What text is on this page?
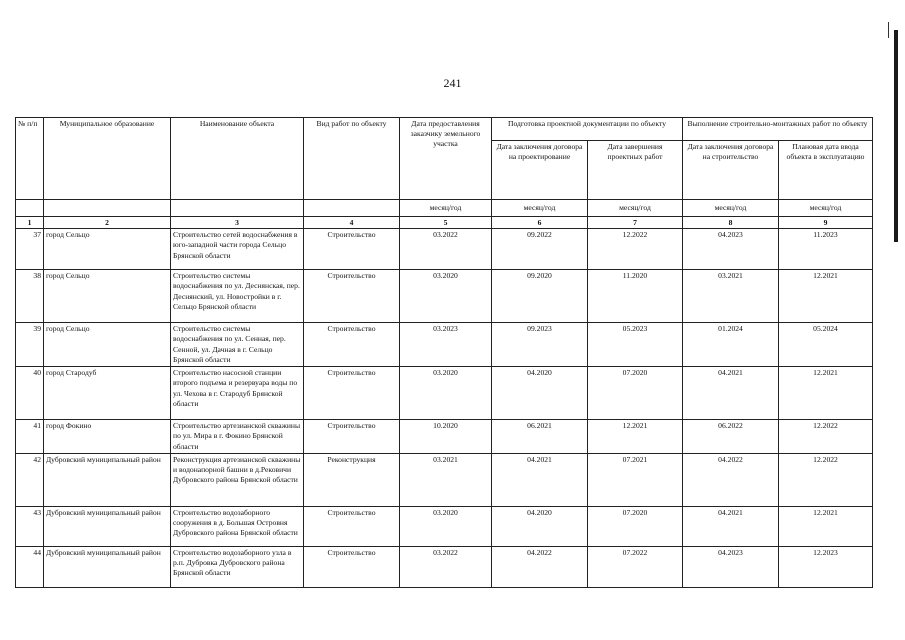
241
№ п/п	Муниципальное образование	Наименование объекта	Вид работ по объекту	Дата предоставления заказчику земельного участка	Подготовка проектной документации по объекту		Выполнение строительно-монтажных работ по объекту	
					Дата заключения договора на проектирование	Дата завершения проектных работ	Дата заключения договора на строительство	Плановая дата ввода объекта в эксплуатацию
				месяц/год	месяц/год	месяц/год	месяц/год	месяц/год
1	2	3	4	5	6	7	8	9
37	город Сельцо	Строительство сетей водоснабжения в юго-западной части города Сельцо Брянской области	Строительство	03.2022	09.2022	12.2022	04.2023	11.2023
38	город Сельцо	Строительство системы водоснабжения по ул. Деснянская, пер. Деснянский, ул. Новостройки в г. Сельцо Брянской области	Строительство	03.2020	09.2020	11.2020	03.2021	12.2021
39	город Сельцо	Строительство системы водоснабжения по ул. Сенная, пер. Сенной, ул. Дачная в г. Сельцо Брянской области	Строительство	03.2023	09.2023	05.2023	01.2024	05.2024
40	город Стародуб	Строительство насосной станции второго подъема и резервуара воды по ул. Чехова в г. Стародуб Брянской области	Строительство	03.2020	04.2020	07.2020	04.2021	12.2021
41	город Фокино	Строительство артезианской скважины по ул. Мира в г. Фокино Брянской области	Строительство	10.2020	06.2021	12.2021	06.2022	12.2022
42	Дубровский муниципальный район	Реконструкция артезианской скважины и водонапорной башни в д.Рековичи Дубровского района Брянской области	Реконструкция	03.2021	04.2021	07.2021	04.2022	12.2022
43	Дубровский муниципальный район	Строительство водозаборного сооружения в д. Большая Островня Дубровского района Брянской области	Строительство	03.2020	04.2020	07.2020	04.2021	12.2021
44	Дубровский муниципальный район	Строительство водозаборного узла в р.п. Дубровка Дубровского района Брянской области	Строительство	03.2022	04.2022	07.2022	04.2023	12.2023
